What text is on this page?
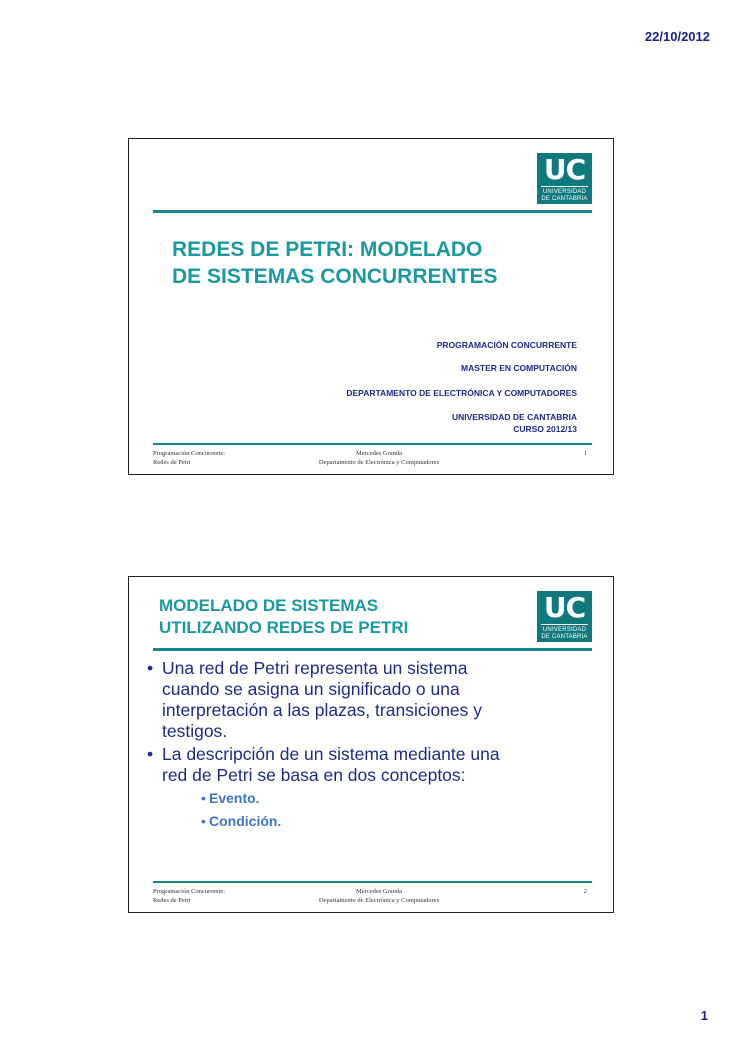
22/10/2012
UC
UNIVERSIDAD
DE CANTABRIA
REDES DE PETRI: MODELADO
DE SISTEMAS CONCURRENTES
PROGRAMACIÓN CONCURRENTE
MASTER EN COMPUTACIÓN
DEPARTAMENTO DE ELECTRÓNICA Y COMPUTADORES
UNIVERSIDAD DE CANTABRIA
CURSO 2012/13
Programación Concurrente:
Redes de Petri
Mercedes Granda
Departamento de Electrónica y Computadores
1
UC
UNIVERSIDAD
DE CANTABRIA
MODELADO DE SISTEMAS
UTILIZANDO REDES DE PETRI
• Una red de Petri representa un sistema
cuando se asigna un significado o una
interpretación a las plazas, transiciones y
testigos.
• La descripción de un sistema mediante una
red de Petri se basa en dos conceptos:
• Evento.
• Condición.
Programación Concurrente:
Redes de Petri
Mercedes Granda
Departamento de Electrónica y Computadores
2
1
